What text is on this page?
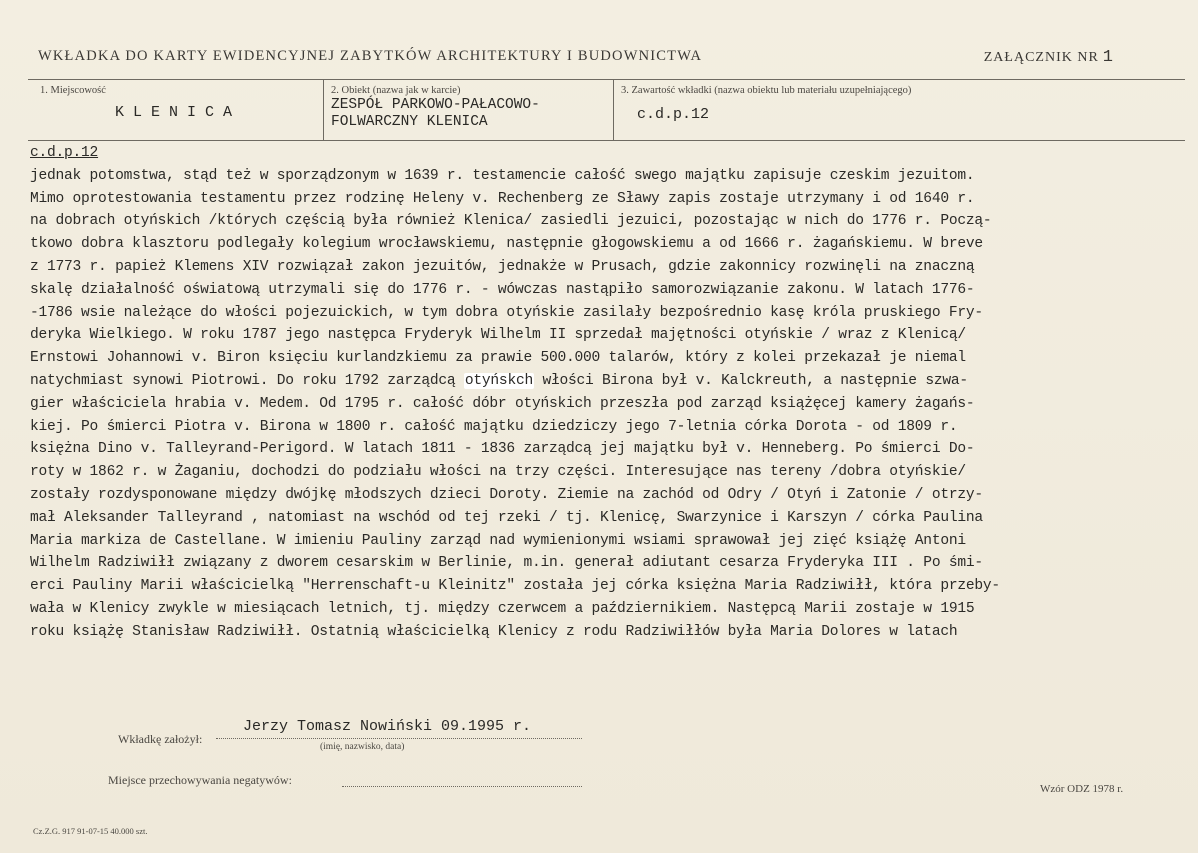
WKŁADKA DO KARTY EWIDENCYJNEJ ZABYTKÓW ARCHITEKTURY I BUDOWNICTWA	ZAŁĄCZNIK NR 1
1. Miejscowość
K L E N I C A
2. Obiekt (nazwa jak w karcie)
ZESPÓŁ PARKOWO-PAŁACOWO-
FOLWARCZNY KLENICA
3. Zawartość wkładki (nazwa obiektu lub materiału uzupełniającego)
c.d.p.12
c.d.p.12
jednak potomstwa, stąd też w sporządzonym w 1639 r. testamencie całość swego majątku zapisuje czeskim jezuitom.
Mimo oprotestowania testamentu przez rodzinę Heleny v. Rechenberg ze Sławy zapis zostaje utrzymany i od 1640 r.
na dobrach otyńskich /których częścią była również Klenica/ zasiedli jezuici, pozostając w nich do 1776 r. Począ-
tkowo dobra klasztoru podlegały kolegium wrocławskiemu, następnie głogowskiemu a od 1666 r. żagańskiemu. W breve
z 1773 r. papież Klemens XIV rozwiązał zakon jezuitów, jednakże w Prusach, gdzie zakonnicy rozwinęli na znaczną
skalę działalność oświatową utrzymali się do 1776 r. - wówczas nastąpiło samorozwiązanie zakonu. W latach 1776-
-1786 wsie należące do włości pojezuickich, w tym dobra otyńskie zasilały bezpośrednio kasę króla pruskiego Fry-
deryka Wielkiego. W roku 1787 jego następca Fryderyk Wilhelm II sprzedał majętności otyńskie / wraz z Klenicą/
Ernstowi Johannowi v. Biron księciu kurlandzkiemu za prawie 500.000 talarów, który z kolei przekazał je niemal
natychmiast synowi Piotrowi. Do roku 1792 zarządcą otyńskch włości Birona był v. Kalckreuth, a następnie szwa-
gier właściciela hrabia v. Medem. Od 1795 r. całość dóbr otyńskich przeszła pod zarząd książęcej kamery żagańs-
kiej. Po śmierci Piotra v. Birona w 1800 r. całość majątku dziedziczy jego 7-letnia córka Dorota - od 1809 r.
księżna Dino v. Talleyrand-Perigord. W latach 1811 - 1836 zarządcą jej majątku był v. Henneberg. Po śmierci Do-
roty w 1862 r. w Żaganiu, dochodzi do podziału włości na trzy części. Interesujące nas tereny /dobra otyńskie/
zostały rozdysponowane między dwójkę młodszych dzieci Doroty. Ziemie na zachód od Odry / Otyń i Zatonie / otrzy-
mał Aleksander Talleyrand , natomiast na wschód od tej rzeki / tj. Klenicę, Swarzynice i Karszyn / córka Paulina
Maria markiza de Castellane. W imieniu Pauliny zarząd nad wymienionymi wsiami sprawował jej zięć książę Antoni
Wilhelm Radziwiłł związany z dworem cesarskim w Berlinie, m.in. generał adiutant cesarza Fryderyka III . Po śmi-
erci Pauliny Marii właścicielką "Herrenschaft-u Kleinitz" została jej córka księżna Maria Radziwiłł, która przeby-
wała w Klenicy zwykle w miesiącach letnich, tj. między czerwcem a październikiem. Następcą Marii zostaje w 1915
roku książę Stanisław Radziwiłł. Ostatnią właścicielką Klenicy z rodu Radziwiłłów była Maria Dolores w latach
Wkładkę założył:
Jerzy Tomasz Nowiński 09.1995 r.
(imię, nazwisko, data)
Miejsce przechowywania negatywów:
Cz.Z.G. 917 91-07-15 40.000 szt.
Wzór ODZ 1978 r.
